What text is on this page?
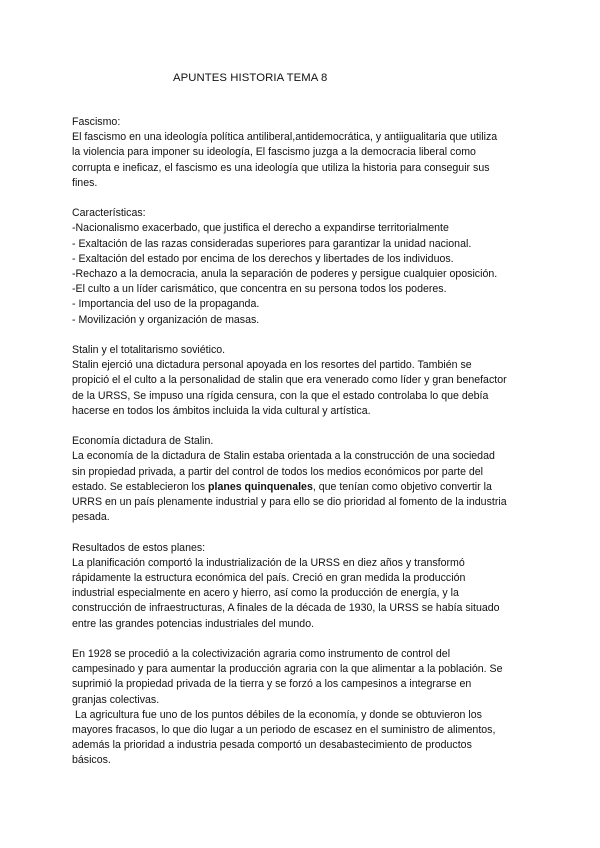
APUNTES HISTORIA TEMA 8
Fascismo:
El fascismo en una ideología política antiliberal,antidemocrática, y antiigualitaria que utiliza
la violencia para imponer su ideología, El fascismo juzga a la democracia liberal como
corrupta e ineficaz, el fascismo es una ideología que utiliza la historia para conseguir sus
fines.
Características:
-Nacionalismo exacerbado, que justifica el derecho a expandirse territorialmente
- Exaltación de las razas consideradas superiores para garantizar la unidad nacional.
- Exaltación del estado por encima de los derechos y libertades de los individuos.
-Rechazo a la democracia, anula la separación de poderes y persigue cualquier oposición.
-El culto a un líder carismático, que concentra en su persona todos los poderes.
- Importancia del uso de la propaganda.
- Movilización y organización de masas.
Stalin y el totalitarismo soviético.
Stalin ejerció una dictadura personal apoyada en los resortes del partido. También se
propició el el culto a la personalidad de stalin que era venerado como líder y gran benefactor
de la URSS, Se impuso una rígida censura, con la que el estado controlaba lo que debía
hacerse en todos los ámbitos incluida la vida cultural y artística.
Economía dictadura de Stalin.
La economía de la dictadura de Stalin estaba orientada a la construcción de una sociedad
sin propiedad privada, a partir del control de todos los medios económicos por parte del
estado. Se establecieron los planes quinquenales, que tenían como objetivo convertir la
URRS en un país plenamente industrial y para ello se dio prioridad al fomento de la industria
pesada.
Resultados de estos planes:
La planificación comportó la industrialización de la URSS en diez años y transformó
rápidamente la estructura económica del país. Creció en gran medida la producción
industrial especialmente en acero y hierro, así como la producción de energía, y la
construcción de infraestructuras, A finales de la década de 1930, la URSS se había situado
entre las grandes potencias industriales del mundo.
En 1928 se procedió a la colectivización agraria como instrumento de control del
campesinado y para aumentar la producción agraria con la que alimentar a la población. Se
suprimió la propiedad privada de la tierra y se forzó a los campesinos a integrarse en
granjas colectivas.
La agricultura fue uno de los puntos débiles de la economía, y donde se obtuvieron los
mayores fracasos, lo que dio lugar a un periodo de escasez en el suministro de alimentos,
además la prioridad a industria pesada comportó un desabastecimiento de productos
básicos.
